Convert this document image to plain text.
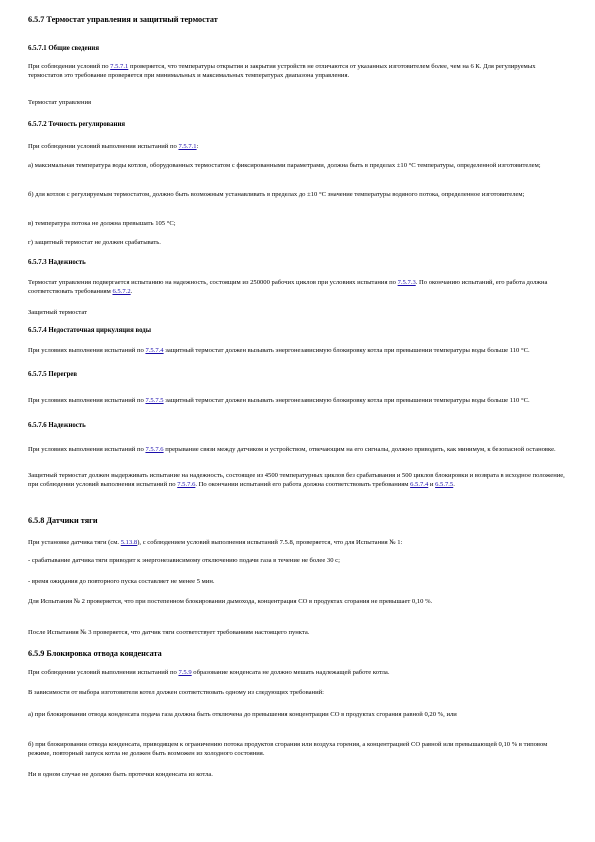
6.5.7 Термостат управления и защитный термостат

6.5.7.1 Общие сведения

При соблюдении условий по 7.5.7.1 проверяется, что температуры открытия и закрытия устройств не отличаются от указанных изготовителем более, чем на 6 К. Для регулируемых термостатов это требование проверяется при минимальных и максимальных температурах диапазона управления.

Термостат управления

6.5.7.2 Точность регулирования

При соблюдении условий выполнения испытаний по 7.5.7.1:

а) максимальная температура воды котлов, оборудованных термостатом с фиксированными параметрами, должна быть в пределах ±10 °С температуры, определенной изготовителем;

б) для котлов с регулируемым термостатом, должно быть возможным устанавливать в пределах до ±10 °С значение температуры водяного потока, определенное изготовителем;

в) температура потока не должна превышать 105 °С;

г) защитный термостат не должен срабатывать.

6.5.7.3 Надежность

Термостат управления подвергается испытанию на надежность, состоящим из 250000 рабочих циклов при условиях испытания по 7.5.7.3. По окончанию испытаний, его работа должна соответствовать требованиям 6.5.7.2.

Защитный термостат

6.5.7.4 Недостаточная циркуляция воды

При условиях выполнения испытаний по 7.5.7.4 защитный термостат должен вызывать энергонезависимую блокировку котла при превышении температуры воды больше 110 °С.

6.5.7.5 Перегрев

При условиях выполнения испытаний по 7.5.7.5 защитный термостат должен вызывать энергонезависимую блокировку котла при превышении температуры воды больше 110 °С.

6.5.7.6 Надежность

При условиях выполнения испытаний по 7.5.7.6 прерывание связи между датчиком и устройством, отвечающим на его сигналы, должно приводить, как минимум, к безопасной остановке.

Защитный термостат должен выдерживать испытание на надежность, состоящее из 4500 температурных циклов без срабатывания и 500 циклов блокировки и возврата в исходное положение, при соблюдении условий выполнения испытаний по 7.5.7.6. По окончании испытаний его работа должна соответствовать требованиям 6.5.7.4 и 6.5.7.5.

6.5.8 Датчики тяги

При установке датчика тяги (см. 5.13.8), с соблюдением условий выполнения испытаний 7.5.8, проверяется, что для Испытания № 1:

- срабатывание датчика тяги приводит к энергонезависимому отключению подачи газа в течение не более 30 с;

- время ожидания до повторного пуска составляет не менее 5 мин.

Для Испытания № 2 проверяется, что при постепенном блокировании дымохода, концентрация СО в продуктах сгорания не превышает 0,10 %.

После Испытания № 3 проверяется, что датчик тяги соответствует требованиям настоящего пункта.

6.5.9 Блокировка отвода конденсата

При соблюдении условий выполнения испытаний по 7.5.9 образование конденсата не должно мешать надлежащей работе котла.

В зависимости от выбора изготовителя котел должен соответствовать одному из следующих требований:

а) при блокировании отвода конденсата подача газа должна быть отключена до превышения концентрации СО в продуктах сгорания равной 0,20 %, или

б) при блокировании отвода конденсата, приводящем к ограничению потока продуктов сгорания или воздуха горения, а концентрацией СО равной или превышающей 0,10 % в типовом режиме, повторный запуск котла не должен быть возможен из холодного состояния.

Ни в одном случае не должно быть протечки конденсата из котла.
